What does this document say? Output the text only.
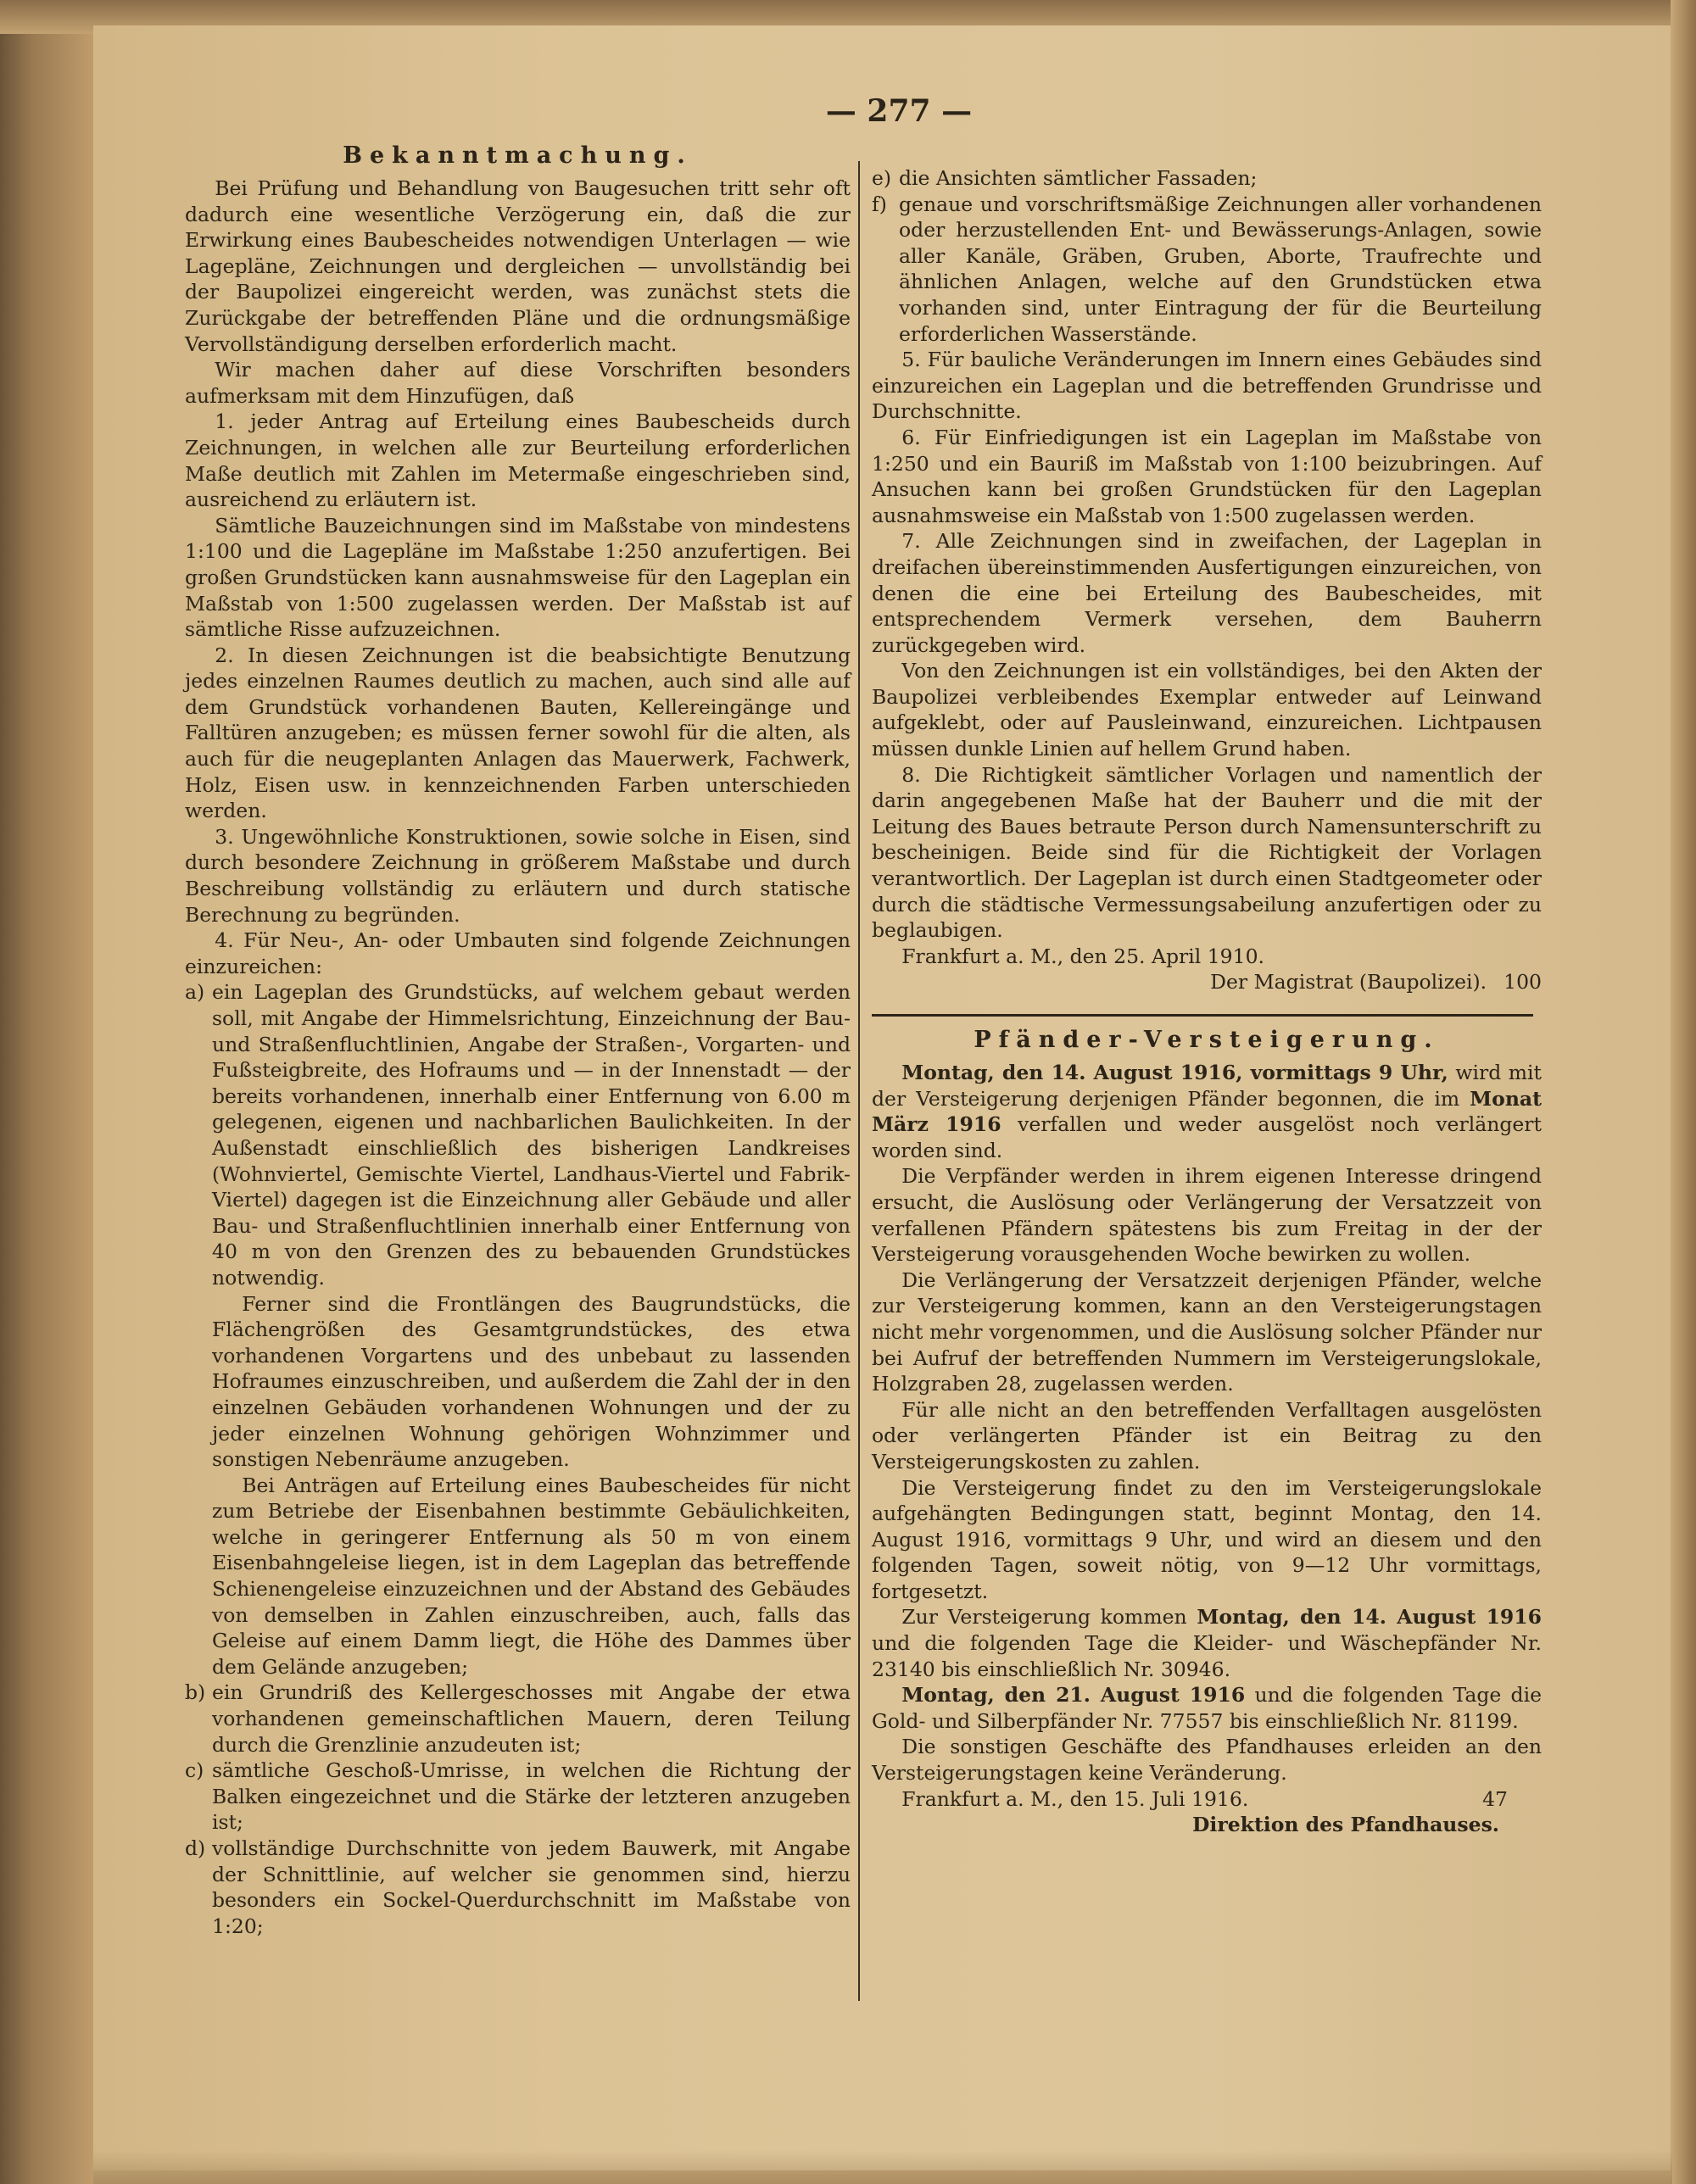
— 277 —
Bekanntmachung.

Bei Prüfung und Behandlung von Baugesuchen tritt sehr oft dadurch eine wesentliche Verzögerung ein, daß die zur Erwirkung eines Baubescheides notwendigen Unterlagen — wie Lagepläne, Zeichnungen und dergleichen — unvollständig bei der Baupolizei eingereicht werden, was zunächst stets die Zurückgabe der betreffenden Pläne und die ordnungsmäßige Vervollständigung derselben erforderlich macht.

Wir machen daher auf diese Vorschriften besonders aufmerksam mit dem Hinzufügen, daß

1. jeder Antrag auf Erteilung eines Baubescheids durch Zeichnungen, in welchen alle zur Beurteilung erforderlichen Maße deutlich mit Zahlen im Metermaße eingeschrieben sind, ausreichend zu erläutern ist.

Sämtliche Bauzeichnungen sind im Maßstabe von mindestens 1:100 und die Lagepläne im Maßstabe 1:250 anzufertigen. Bei großen Grundstücken kann ausnahmsweise für den Lageplan ein Maßstab von 1:500 zugelassen werden. Der Maßstab ist auf sämtliche Risse aufzuzeichnen.

2. In diesen Zeichnungen ist die beabsichtigte Benutzung jedes einzelnen Raumes deutlich zu machen, auch sind alle auf dem Grundstück vorhandenen Bauten, Kellereingänge und Falltüren anzugeben; es müssen ferner sowohl für die alten, als auch für die neugeplanten Anlagen das Mauerwerk, Fachwerk, Holz, Eisen usw. in kennzeichnenden Farben unterschieden werden.

3. Ungewöhnliche Konstruktionen, sowie solche in Eisen, sind durch besondere Zeichnung in größerem Maßstabe und durch Beschreibung vollständig zu erläutern und durch statische Berechnung zu begründen.

4. Für Neu-, An- oder Umbauten sind folgende Zeichnungen einzureichen:

a) ein Lageplan des Grundstücks, auf welchem gebaut werden soll, mit Angabe der Himmelsrichtung, Einzeichnung der Bau- und Straßenfluchtlinien, Angabe der Straßen-, Vorgarten- und Fußsteigbreite, des Hofraums und — in der Innenstadt — der bereits vorhandenen, innerhalb einer Entfernung von 6.00 m gelegenen, eigenen und nachbarlichen Baulichkeiten. In der Außenstadt einschließlich des bisherigen Landkreises (Wohnviertel, Gemischte Viertel, Landhaus-Viertel und Fabrik-Viertel) dagegen ist die Einzeichnung aller Gebäude und aller Bau- und Straßenfluchtlinien innerhalb einer Entfernung von 40 m von den Grenzen des zu bebauenden Grundstückes notwendig.

Ferner sind die Frontlängen des Baugrundstücks, die Flächengrößen des Gesamtgrundstückes, des etwa vorhandenen Vorgartens und des unbebaut zu lassenden Hofraumes einzuschreiben, und außerdem die Zahl der in den einzelnen Gebäuden vorhandenen Wohnungen und der zu jeder einzelnen Wohnung gehörigen Wohnzimmer und sonstigen Nebenräume anzugeben.

Bei Anträgen auf Erteilung eines Baubescheides für nicht zum Betriebe der Eisenbahnen bestimmte Gebäulichkeiten, welche in geringerer Entfernung als 50 m von einem Eisenbahngeleise liegen, ist in dem Lageplan das betreffende Schienengeleise einzuzeichnen und der Abstand des Gebäudes von demselben in Zahlen einzuschreiben, auch, falls das Geleise auf einem Damm liegt, die Höhe des Dammes über dem Gelände anzugeben;

b) ein Grundriß des Kellergeschosses mit Angabe der etwa vorhandenen gemeinschaftlichen Mauern, deren Teilung durch die Grenzlinie anzudeuten ist;

c) sämtliche Geschoß-Umrisse, in welchen die Richtung der Balken eingezeichnet und die Stärke der letzteren anzugeben ist;

d) vollständige Durchschnitte von jedem Bauwerk, mit Angabe der Schnittlinie, auf welcher sie genommen sind, hierzu besonders ein Sockel-Querdurchschnitt im Maßstabe von 1:20;

e) die Ansichten sämtlicher Fassaden;

f) genaue und vorschriftsmäßige Zeichnungen aller vorhandenen oder herzustellenden Ent- und Bewässerungs-Anlagen, sowie aller Kanäle, Gräben, Gruben, Aborte, Traufrechte und ähnlichen Anlagen, welche auf den Grundstücken etwa vorhanden sind, unter Eintragung der für die Beurteilung erforderlichen Wasserstände.

5. Für bauliche Veränderungen im Innern eines Gebäudes sind einzureichen ein Lageplan und die betreffenden Grundrisse und Durchschnitte.

6. Für Einfriedigungen ist ein Lageplan im Maßstabe von 1:250 und ein Bauriß im Maßstab von 1:100 beizubringen. Auf Ansuchen kann bei großen Grundstücken für den Lageplan ausnahmsweise ein Maßstab von 1:500 zugelassen werden.

7. Alle Zeichnungen sind in zweifachen, der Lageplan in dreifachen übereinstimmenden Ausfertigungen einzureichen, von denen die eine bei Erteilung des Baubescheides, mit entsprechendem Vermerk versehen, dem Bauherrn zurückgegeben wird.

Von den Zeichnungen ist ein vollständiges, bei den Akten der Baupolizei verbleibendes Exemplar entweder auf Leinwand aufgeklebt, oder auf Pausleinwand, einzureichen. Lichtpausen müssen dunkle Linien auf hellem Grund haben.

8. Die Richtigkeit sämtlicher Vorlagen und namentlich der darin angegebenen Maße hat der Bauherr und die mit der Leitung des Baues betraute Person durch Namensunterschrift zu bescheinigen. Beide sind für die Richtigkeit der Vorlagen verantwortlich. Der Lageplan ist durch einen Stadtgeometer oder durch die städtische Vermessungsabeilung anzufertigen oder zu beglaubigen.

Frankfurt a. M., den 25. April 1910.

100
Der Magistrat (Baupolizei).
Pfänder-Versteigerung.

Montag, den 14. August 1916, vormittags 9 Uhr, wird mit der Versteigerung derjenigen Pfänder begonnen, die im Monat März 1916 verfallen und weder ausgelöst noch verlängert worden sind.

Die Verpfänder werden in ihrem eigenen Interesse dringend ersucht, die Auslösung oder Verlängerung der Versatzzeit von verfallenen Pfändern spätestens bis zum Freitag in der der Versteigerung vorausgehenden Woche bewirken zu wollen.

Die Verlängerung der Versatzzeit derjenigen Pfänder, welche zur Versteigerung kommen, kann an den Versteigerungstagen nicht mehr vorgenommen, und die Auslösung solcher Pfänder nur bei Aufruf der betreffenden Nummern im Versteigerungslokale, Holzgraben 28, zugelassen werden.

Für alle nicht an den betreffenden Verfalltagen ausgelösten oder verlängerten Pfänder ist ein Beitrag zu den Versteigerungskosten zu zahlen.

Die Versteigerung findet zu den im Versteigerungslokale aufgehängten Bedingungen statt, beginnt Montag, den 14. August 1916, vormittags 9 Uhr, und wird an diesem und den folgenden Tagen, soweit nötig, von 9—12 Uhr vormittags, fortgesetzt.

Zur Versteigerung kommen Montag, den 14. August 1916 und die folgenden Tage die Kleider- und Wäschepfänder Nr. 23140 bis einschließlich Nr. 30946.

Montag, den 21. August 1916 und die folgenden Tage die Gold- und Silberpfänder Nr. 77557 bis einschließlich Nr. 81199.

Die sonstigen Geschäfte des Pfandhauses erleiden an den Versteigerungstagen keine Veränderung.

Frankfurt a. M., den 15. Juli 1916.	47

Direktion des Pfandhauses.
